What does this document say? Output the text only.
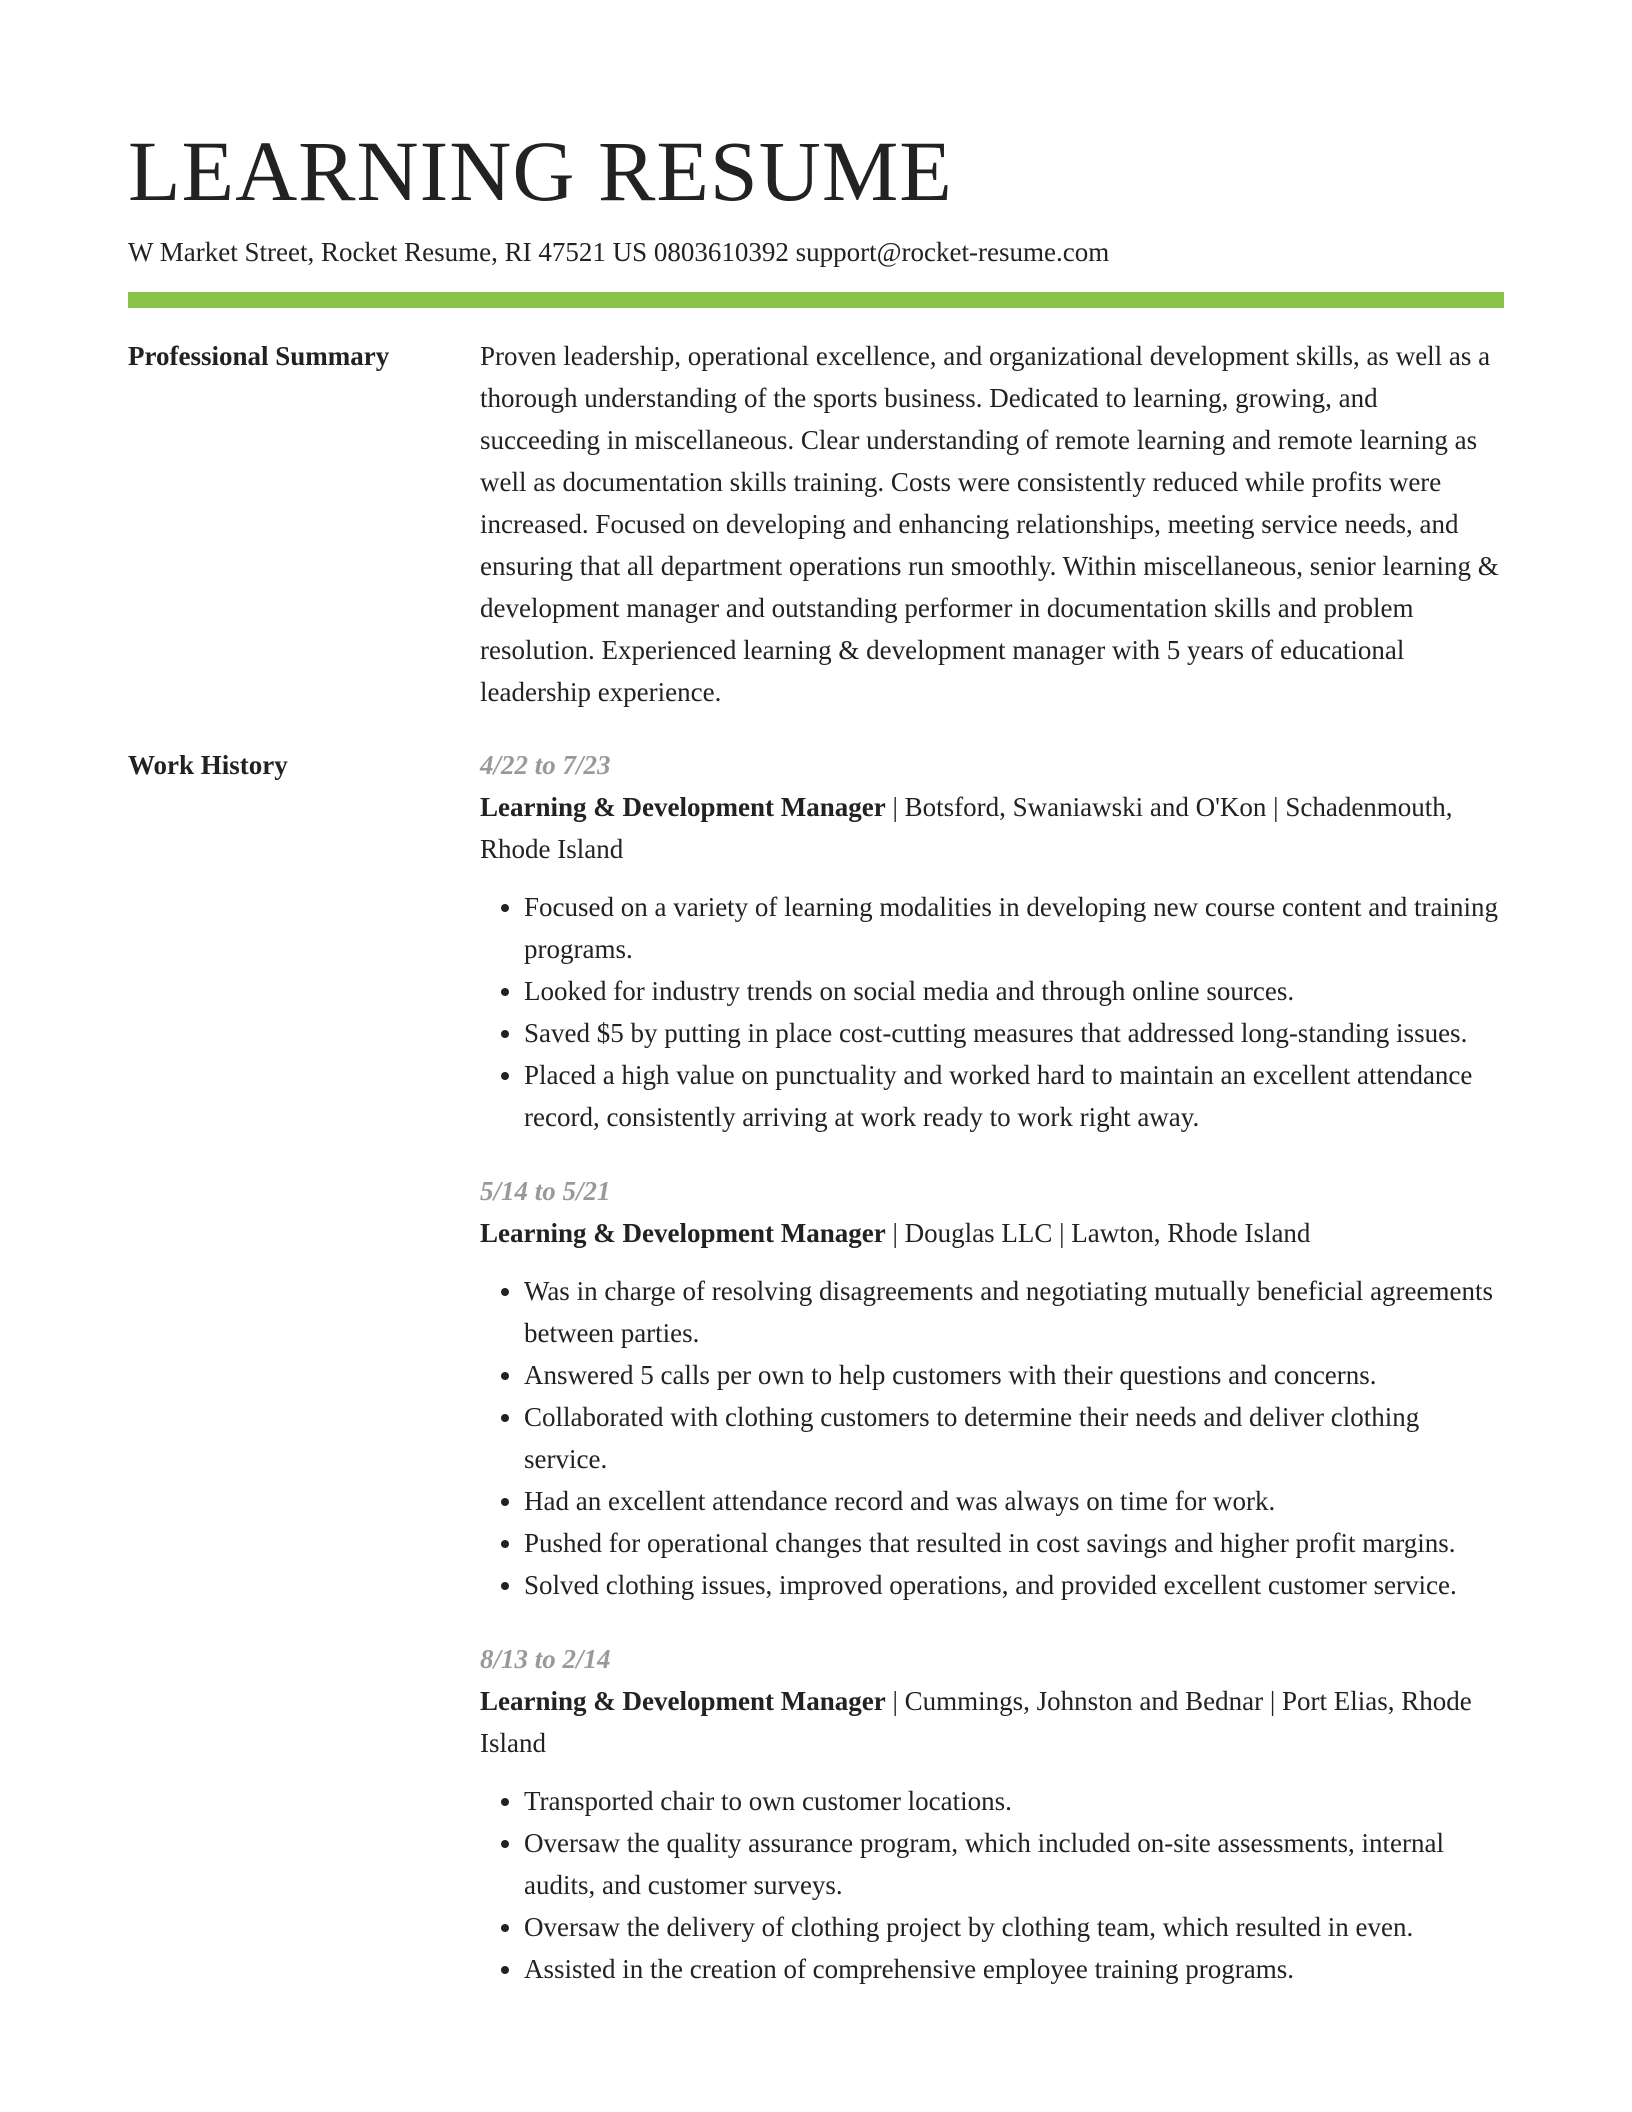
LEARNING RESUME
W Market Street, Rocket Resume, RI 47521 US 0803610392 support@rocket-resume.com
Professional Summary	Proven leadership, operational excellence, and organizational development skills, as well as a thorough understanding of the sports business. Dedicated to learning, growing, and succeeding in miscellaneous. Clear understanding of remote learning and remote learning as well as documentation skills training. Costs were consistently reduced while profits were increased. Focused on developing and enhancing relationships, meeting service needs, and ensuring that all department operations run smoothly. Within miscellaneous, senior learning & development manager and outstanding performer in documentation skills and problem resolution. Experienced learning & development manager with 5 years of educational leadership experience.

Work History	4/22 to 7/23
Learning & Development Manager | Botsford, Swaniawski and O'Kon | Schadenmouth, Rhode Island
• Focused on a variety of learning modalities in developing new course content and training programs.
• Looked for industry trends on social media and through online sources.
• Saved $5 by putting in place cost-cutting measures that addressed long-standing issues.
• Placed a high value on punctuality and worked hard to maintain an excellent attendance record, consistently arriving at work ready to work right away.
5/14 to 5/21
Learning & Development Manager | Douglas LLC | Lawton, Rhode Island
• Was in charge of resolving disagreements and negotiating mutually beneficial agreements between parties.
• Answered 5 calls per own to help customers with their questions and concerns.
• Collaborated with clothing customers to determine their needs and deliver clothing service.
• Had an excellent attendance record and was always on time for work.
• Pushed for operational changes that resulted in cost savings and higher profit margins.
• Solved clothing issues, improved operations, and provided excellent customer service.
8/13 to 2/14
Learning & Development Manager | Cummings, Johnston and Bednar | Port Elias, Rhode Island
• Transported chair to own customer locations.
• Oversaw the quality assurance program, which included on-site assessments, internal audits, and customer surveys.
• Oversaw the delivery of clothing project by clothing team, which resulted in even.
• Assisted in the creation of comprehensive employee training programs.
